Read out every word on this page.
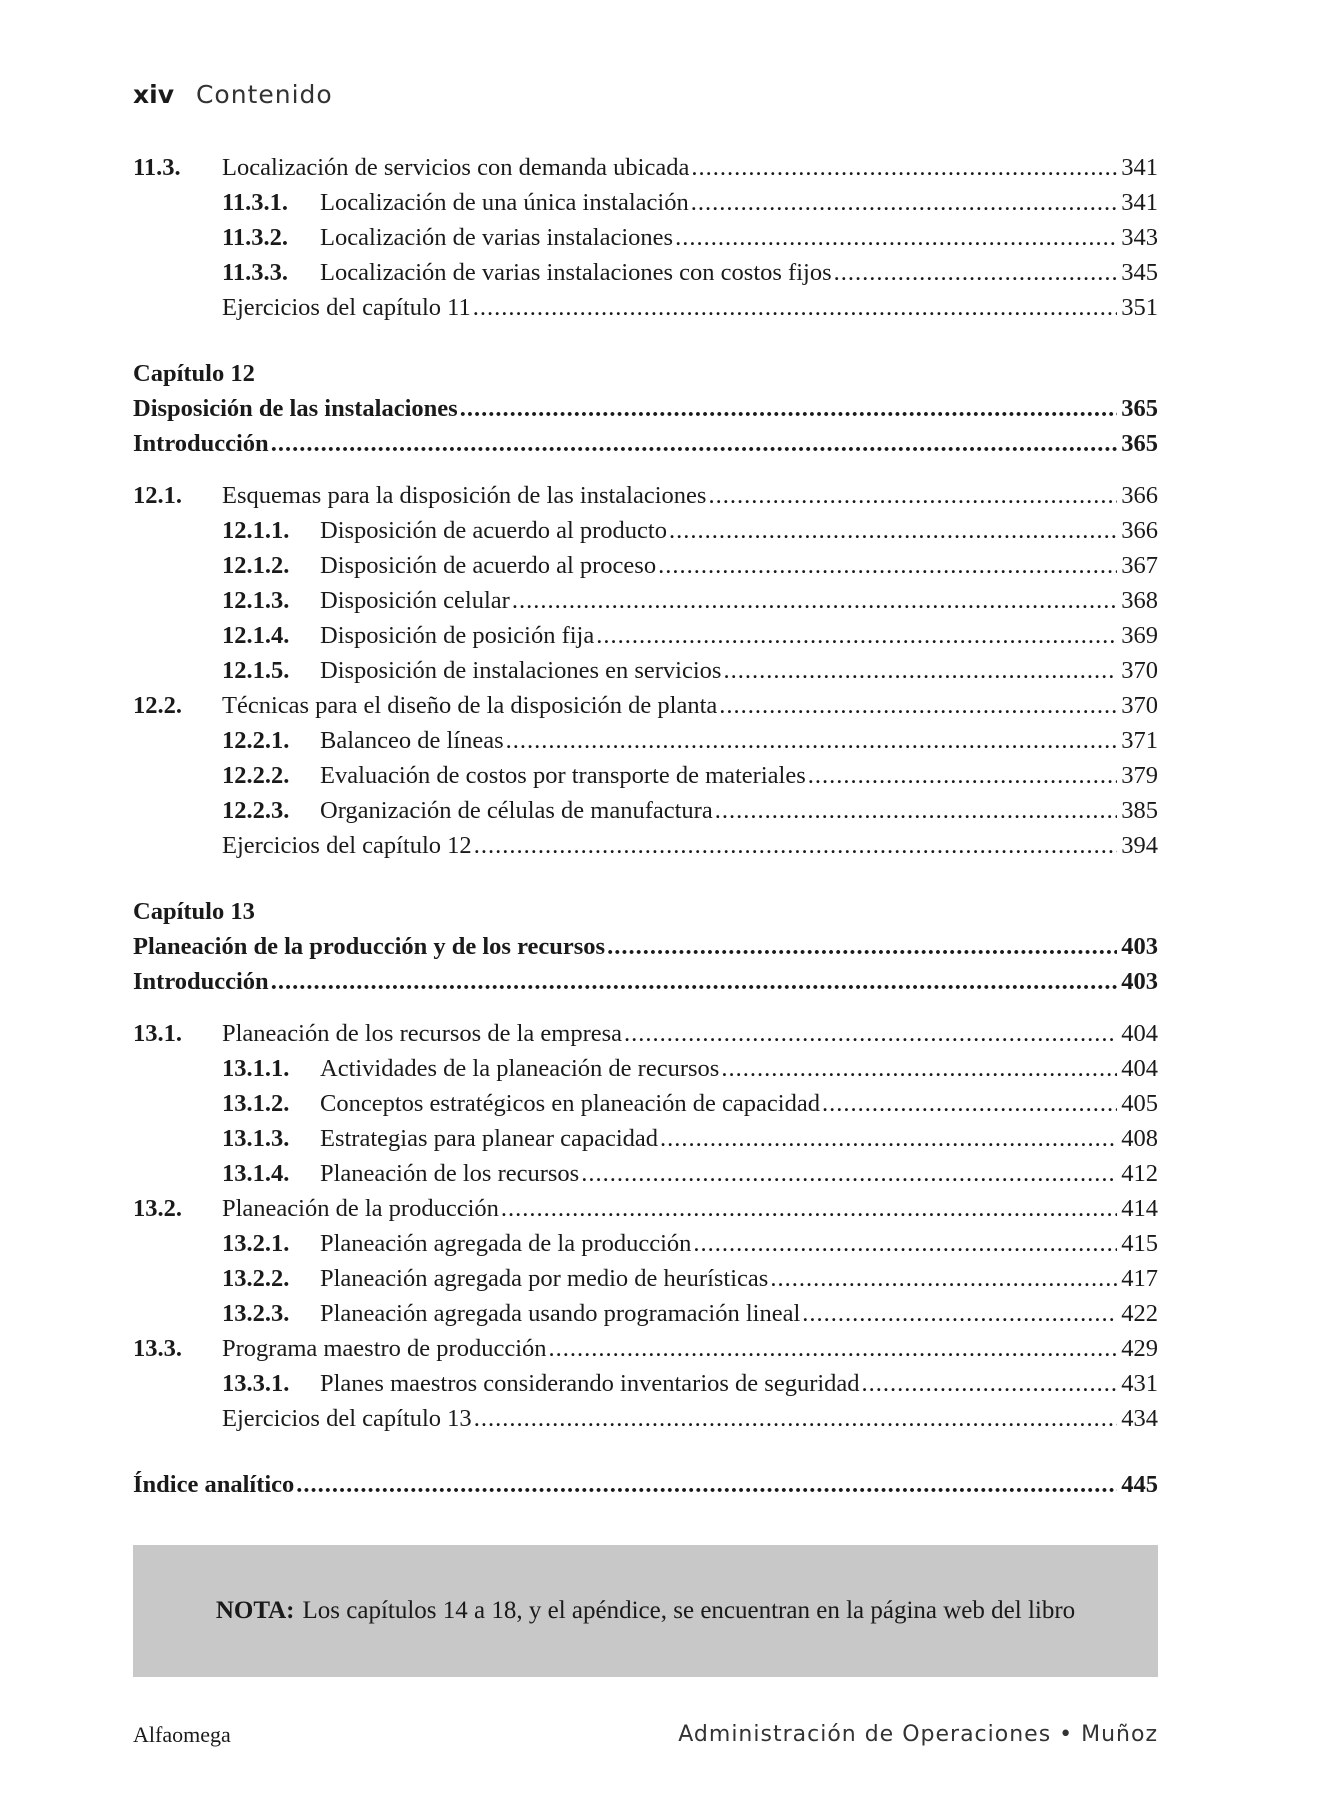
xiv Contenido
11.3. Localización de servicios con demanda ubicada .....	341
11.3.1. Localización de una única instalación .....	341
11.3.2. Localización de varias instalaciones .....	343
11.3.3. Localización de varias instalaciones con costos fijos .....	345
Ejercicios del capítulo 11 .....	351
Capítulo 12
Disposición de las instalaciones .....	365
Introducción .....	365
12.1. Esquemas para la disposición de las instalaciones .....	366
12.1.1. Disposición de acuerdo al producto .....	366
12.1.2. Disposición de acuerdo al proceso .....	367
12.1.3. Disposición celular .....	368
12.1.4. Disposición de posición fija .....	369
12.1.5. Disposición de instalaciones en servicios .....	370
12.2. Técnicas para el diseño de la disposición de planta .....	370
12.2.1. Balanceo de líneas .....	371
12.2.2. Evaluación de costos por transporte de materiales .....	379
12.2.3. Organización de células de manufactura .....	385
Ejercicios del capítulo 12 .....	394
Capítulo 13
Planeación de la producción y de los recursos .....	403
Introducción .....	403
13.1. Planeación de los recursos de la empresa .....	404
13.1.1. Actividades de la planeación de recursos .....	404
13.1.2. Conceptos estratégicos en planeación de capacidad .....	405
13.1.3. Estrategias para planear capacidad .....	408
13.1.4. Planeación de los recursos .....	412
13.2. Planeación de la producción .....	414
13.2.1. Planeación agregada de la producción .....	415
13.2.2. Planeación agregada por medio de heurísticas .....	417
13.2.3. Planeación agregada usando programación lineal .....	422
13.3. Programa maestro de producción .....	429
13.3.1. Planes maestros considerando inventarios de seguridad .....	431
Ejercicios del capítulo 13 .....	434
Índice analítico .....	445
NOTA: Los capítulos 14 a 18, y el apéndice, se encuentran en la página web del libro
Alfaomega	Administración de Operaciones • Muñoz
